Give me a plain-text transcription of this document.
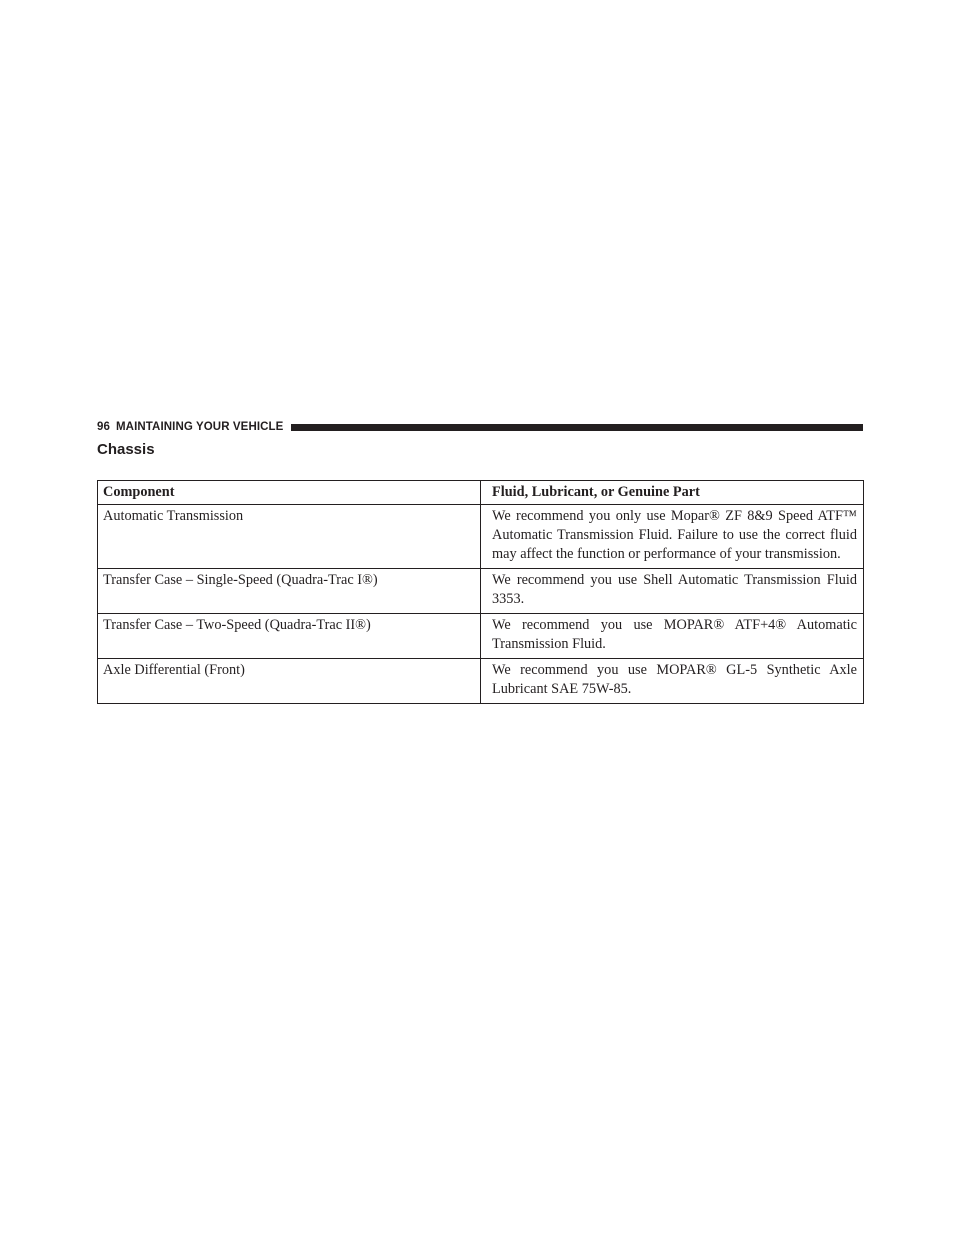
96 MAINTAINING YOUR VEHICLE
Chassis
Component	Fluid, Lubricant, or Genuine Part
Automatic Transmission	We recommend you only use Mopar® ZF 8&9 Speed ATF™ Automatic Transmission Fluid. Failure to use the correct fluid may affect the function or performance of your transmission.
Transfer Case – Single-Speed (Quadra-Trac I®)	We recommend you use Shell Automatic Transmission Fluid 3353.
Transfer Case – Two-Speed (Quadra-Trac II®)	We recommend you use MOPAR® ATF+4® Automatic Transmission Fluid.
Axle Differential (Front)	We recommend you use MOPAR® GL-5 Synthetic Axle Lubricant SAE 75W-85.
